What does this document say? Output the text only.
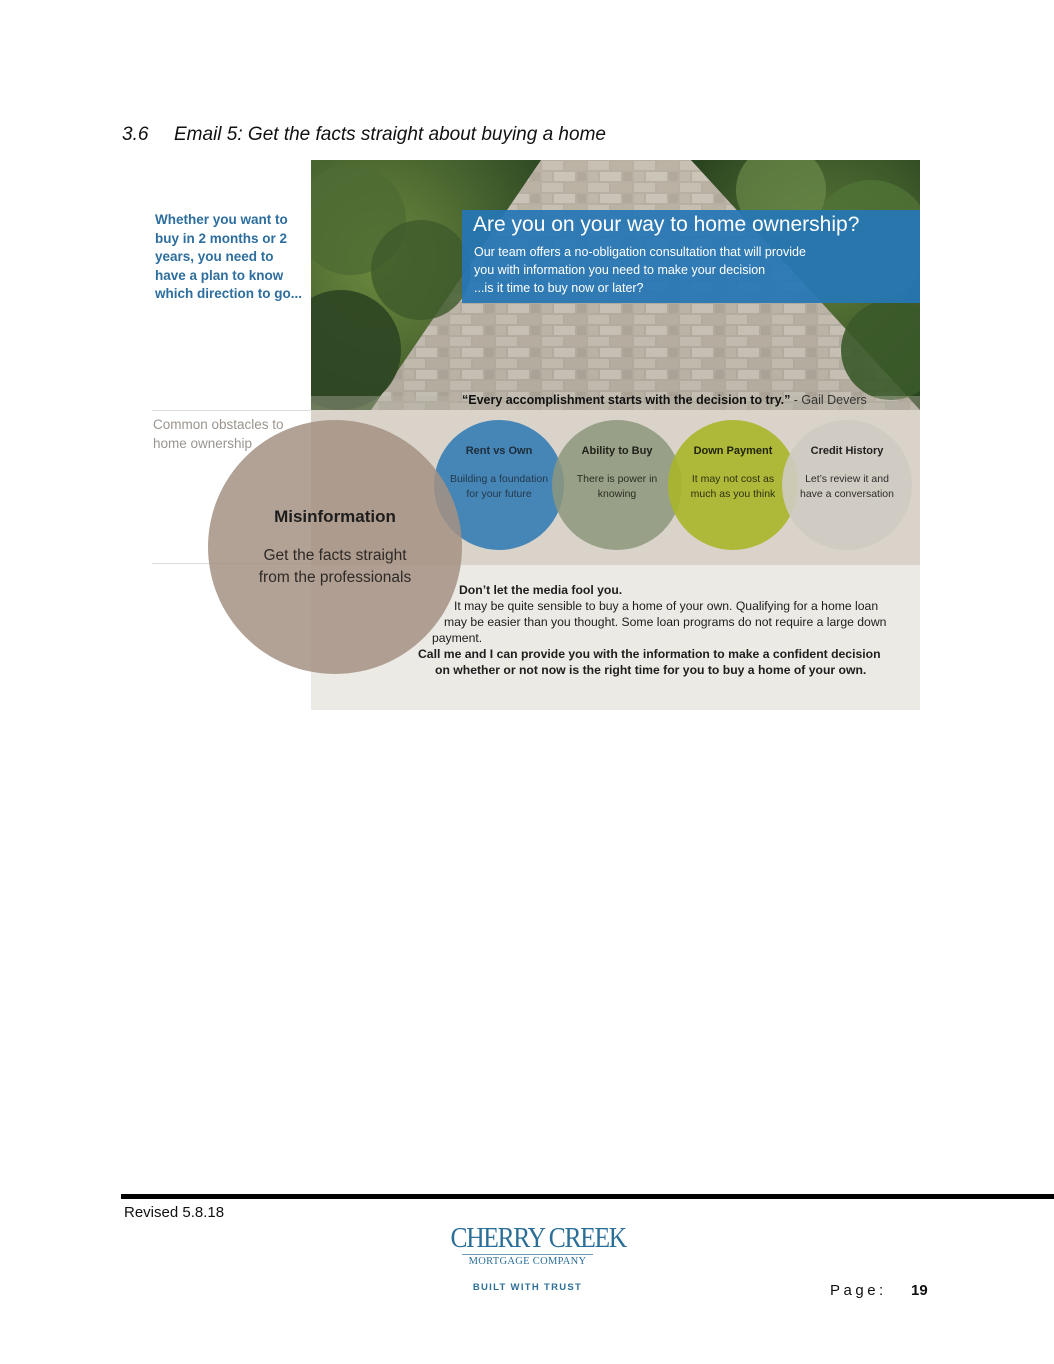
3.6 Email 5: Get the facts straight about buying a home
Whether you want to buy in 2 months or 2 years, you need to have a plan to know which direction to go...
Common obstacles to home ownership
Are you on your way to home ownership?
Our team offers a no-obligation consultation that will provide
you with information you need to make your decision
...is it time to buy now or later?
“Every accomplishment starts with the decision to try.” - Gail Devers
Rent vs Own
Building a foundation for your future
Ability to Buy
There is power in knowing
Down Payment
It may not cost as much as you think
Credit History
Let’s review it and have a conversation
Misinformation
Get the facts straight
from the professionals
Don’t let the media fool you.
It may be quite sensible to buy a home of your own. Qualifying for a home loan
may be easier than you thought. Some loan programs do not require a large down
payment.
Call me and I can provide you with the information to make a confident decision
on whether or not now is the right time for you to buy a home of your own.
Revised 5.8.18
CHERRY CREEK
MORTGAGE COMPANY
BUILT WITH TRUST	Page: 19
